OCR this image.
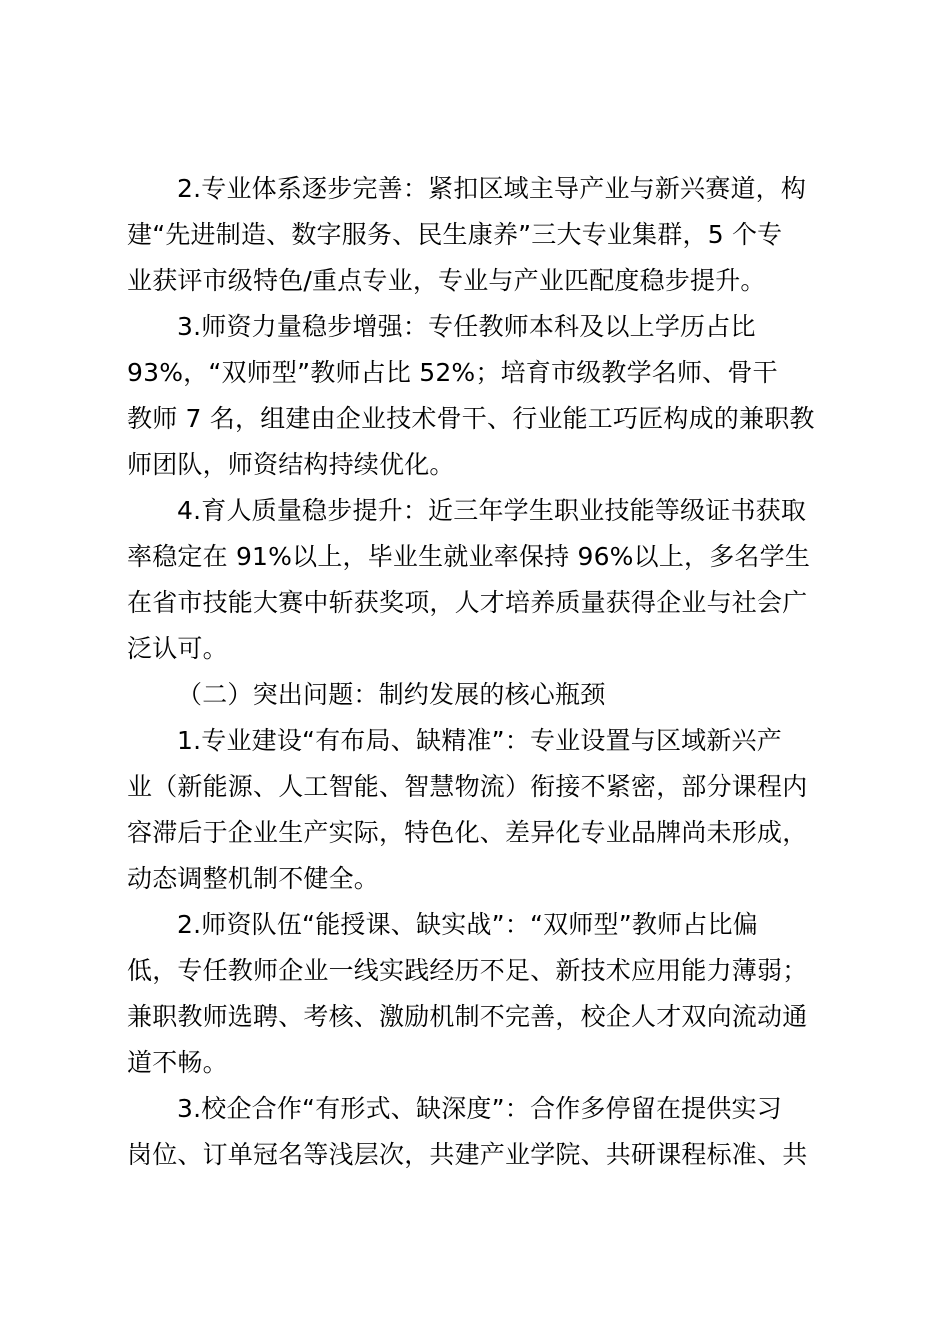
2.专业体系逐步完善：紧扣区域主导产业与新兴赛道，构
建“先进制造、数字服务、民生康养”三大专业集群，5 个专
业获评市级特色/重点专业，专业与产业匹配度稳步提升。

3.师资力量稳步增强：专任教师本科及以上学历占比
93%，“双师型”教师占比 52%；培育市级教学名师、骨干
教师 7 名，组建由企业技术骨干、行业能工巧匠构成的兼职教
师团队，师资结构持续优化。

4.育人质量稳步提升：近三年学生职业技能等级证书获取
率稳定在 91%以上，毕业生就业率保持 96%以上，多名学生
在省市技能大赛中斩获奖项，人才培养质量获得企业与社会广
泛认可。

（二）突出问题：制约发展的核心瓶颈

1.专业建设“有布局、缺精准”：专业设置与区域新兴产
业（新能源、人工智能、智慧物流）衔接不紧密，部分课程内
容滞后于企业生产实际，特色化、差异化专业品牌尚未形成，
动态调整机制不健全。

2.师资队伍“能授课、缺实战”：“双师型”教师占比偏
低，专任教师企业一线实践经历不足、新技术应用能力薄弱；
兼职教师选聘、考核、激励机制不完善，校企人才双向流动通
道不畅。

3.校企合作“有形式、缺深度”：合作多停留在提供实习
岗位、订单冠名等浅层次，共建产业学院、共研课程标准、共
